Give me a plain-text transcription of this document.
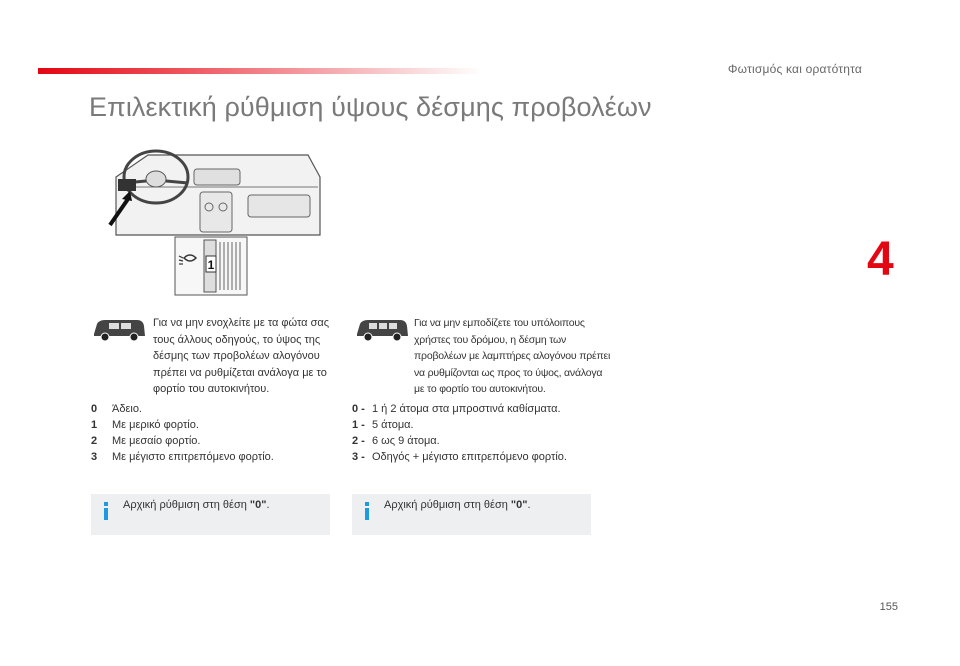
Φωτισμός και ορατότητα
Επιλεκτική ρύθμιση ύψους δέσμης προβολέων
4
1

Για να μην ενοχλείτε με τα φώτα σας τους άλλους οδηγούς, το ύψος της δέσμης των προβολέων αλογόνου πρέπει να ρυθμίζεται ανάλογα με το φορτίο του αυτοκινήτου.

Για να μην εμποδίζετε του υπόλοιπους χρήστες του δρόμου, η δέσμη των προβολέων με λαμπτήρες αλογόνου πρέπει να ρυθμίζονται ως προς το ύψος, ανάλογα με το φορτίο του αυτοκινήτου.

0	Άδειο.
1	Με μερικό φορτίο.
2	Με μεσαίο φορτίο.
3	Με μέγιστο επιτρεπόμενο φορτίο.
0 - 1 ή 2 άτομα στα μπροστινά καθίσματα.
1 - 5 άτομα.
2 - 6 ως 9 άτομα.
3 - Οδηγός + μέγιστο επιτρεπόμενο φορτίο.
Αρχική ρύθμιση στη θέση "0".	Αρχική ρύθμιση στη θέση "0".
155
